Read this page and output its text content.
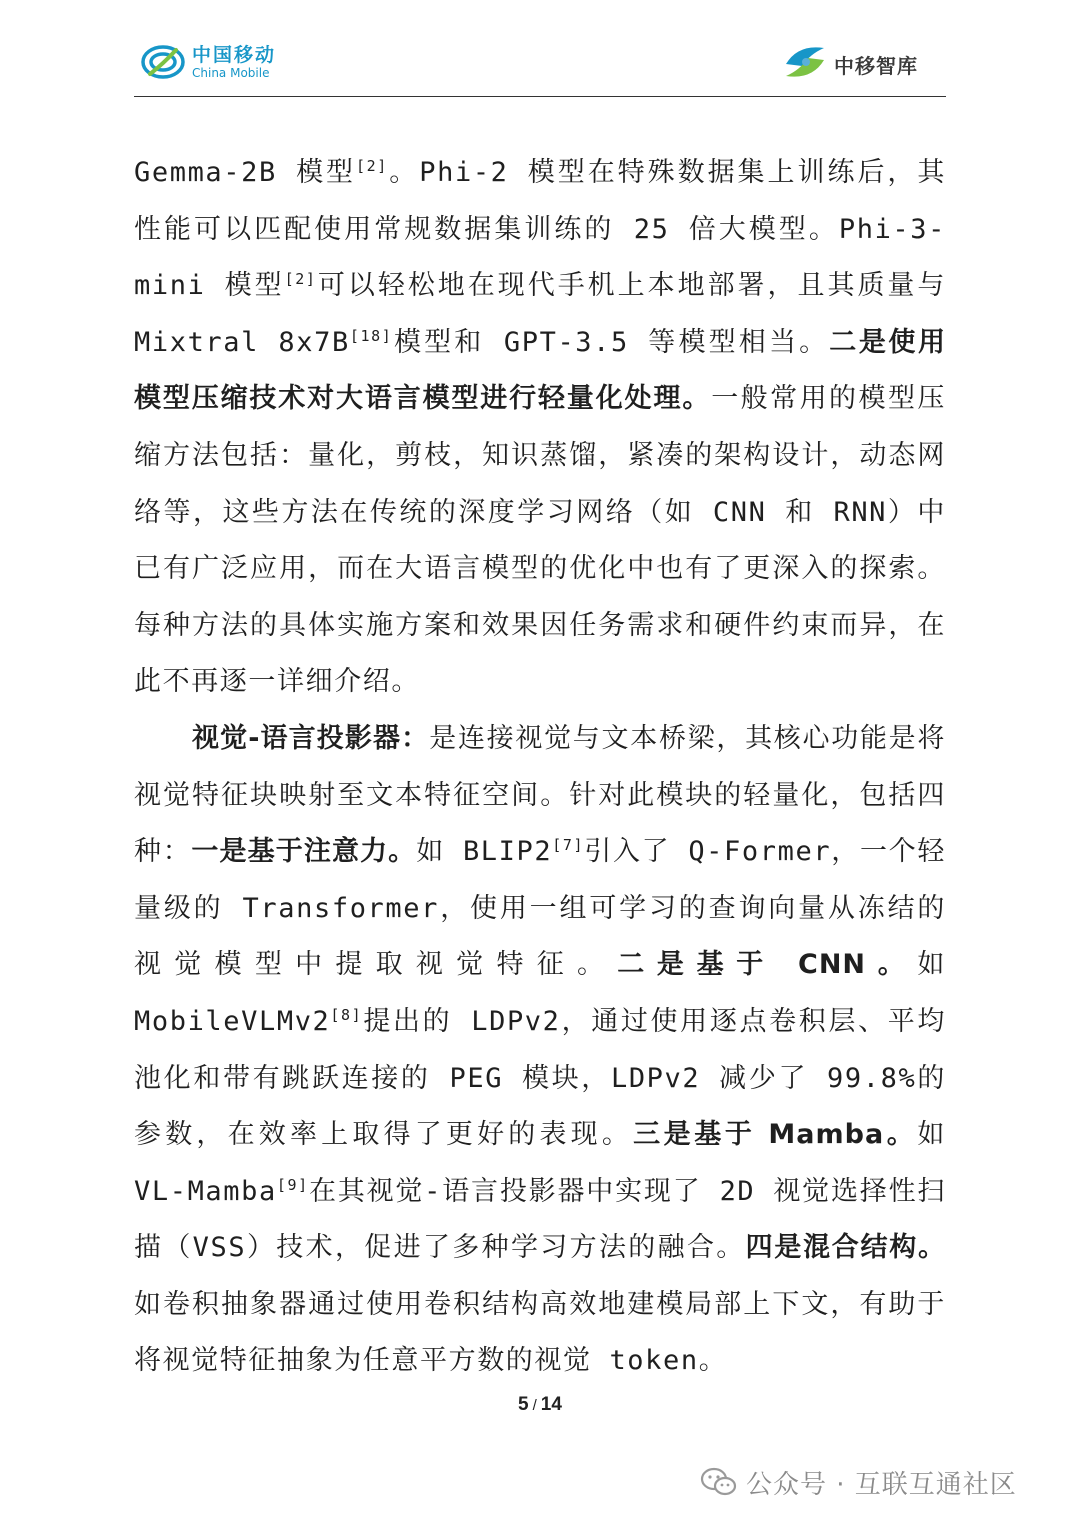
中国移动
China Mobile	中移智库

Gemma-2B 模型[2]。Phi-2 模型在特殊数据集上训练后，其性能可以匹配使用常规数据集训练的 25 倍大模型。Phi-3-mini 模型[2]可以轻松地在现代手机上本地部署，且其质量与 Mixtral 8x7B[18]模型和 GPT-3.5 等模型相当。二是使用模型压缩技术对大语言模型进行轻量化处理。一般常用的模型压缩方法包括：量化，剪枝，知识蒸馏，紧凑的架构设计，动态网络等，这些方法在传统的深度学习网络（如 CNN 和 RNN）中已有广泛应用，而在大语言模型的优化中也有了更深入的探索。每种方法的具体实施方案和效果因任务需求和硬件约束而异，在此不再逐一详细介绍。

视觉-语言投影器：是连接视觉与文本桥梁，其核心功能是将视觉特征块映射至文本特征空间。针对此模块的轻量化，包括四种：一是基于注意力。如 BLIP2[7]引入了 Q-Former，一个轻量级的 Transformer，使用一组可学习的查询向量从冻结的视觉模型中提取视觉特征。二是基于 CNN。如 MobileVLMv2[8]提出的 LDPv2，通过使用逐点卷积层、平均池化和带有跳跃连接的 PEG 模块，LDPv2 减少了 99.8%的参数，在效率上取得了更好的表现。三是基于 Mamba。如 VL-Mamba[9]在其视觉-语言投影器中实现了 2D 视觉选择性扫描（VSS）技术，促进了多种学习方法的融合。四是混合结构。如卷积抽象器通过使用卷积结构高效地建模局部上下文，有助于将视觉特征抽象为任意平方数的视觉 token。

5 / 14
公众号 · 互联互通社区
